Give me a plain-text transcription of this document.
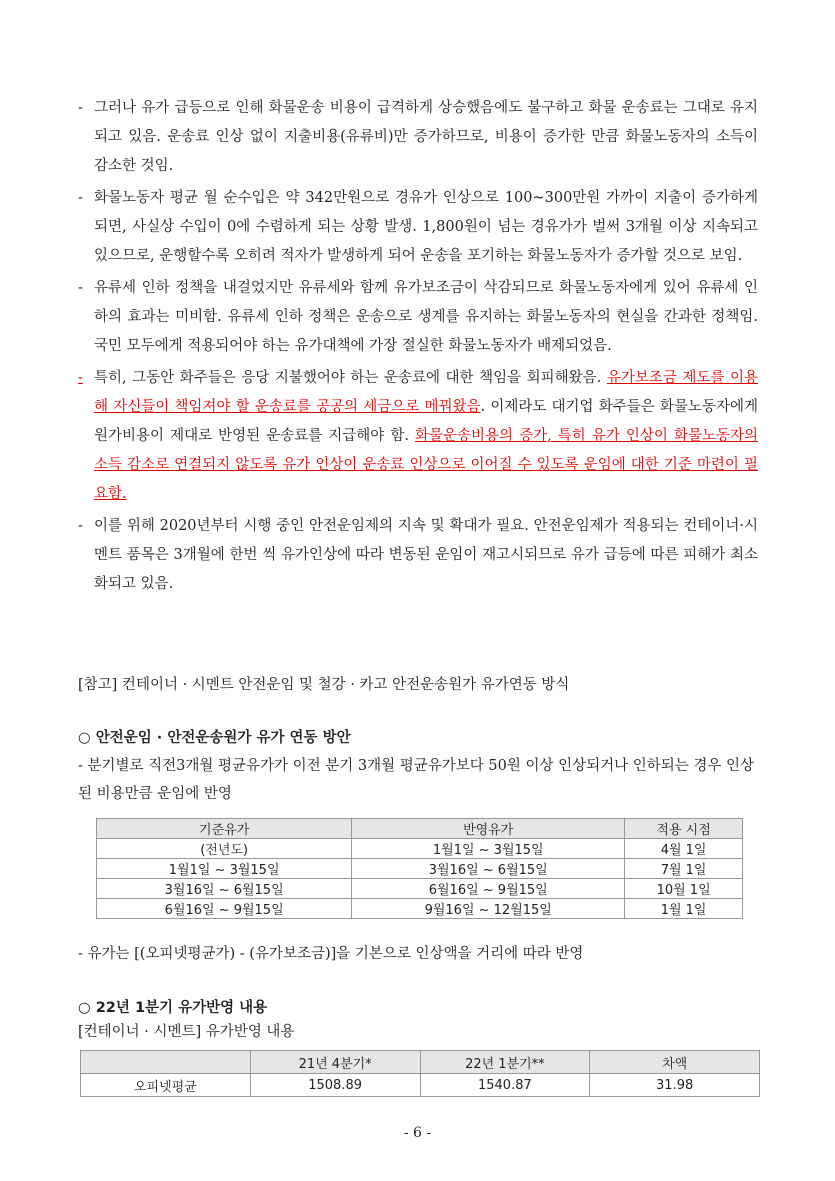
- 그러나 유가 급등으로 인해 화물운송 비용이 급격하게 상승했음에도 불구하고 화물 운송료는 그대로 유지되고 있음. 운송료 인상 없이 지출비용(유류비)만 증가하므로, 비용이 증가한 만큼 화물노동자의 소득이 감소한 것임.
- 화물노동자 평균 월 순수입은 약 342만원으로 경유가 인상으로 100~300만원 가까이 지출이 증가하게 되면, 사실상 수입이 0에 수렴하게 되는 상황 발생. 1,800원이 넘는 경유가가 벌써 3개월 이상 지속되고 있으므로, 운행할수록 오히려 적자가 발생하게 되어 운송을 포기하는 화물노동자가 증가할 것으로 보임.
- 유류세 인하 정책을 내걸었지만 유류세와 함께 유가보조금이 삭감되므로 화물노동자에게 있어 유류세 인하의 효과는 미비함. 유류세 인하 정책은 운송으로 생계를 유지하는 화물노동자의 현실을 간과한 정책임. 국민 모두에게 적용되어야 하는 유가대책에 가장 절실한 화물노동자가 배제되었음.
- 특히, 그동안 화주들은 응당 지불했어야 하는 운송료에 대한 책임을 회피해왔음. 유가보조금 제도를 이용해 자신들이 책임져야 할 운송료를 공공의 세금으로 메꿔왔음. 이제라도 대기업 화주들은 화물노동자에게 원가비용이 제대로 반영된 운송료를 지급해야 함. 화물운송비용의 증가, 특히 유가 인상이 화물노동자의 소득 감소로 연결되지 않도록 유가 인상이 운송료 인상으로 이어질 수 있도록 운임에 대한 기준 마련이 필요함.
- 이를 위해 2020년부터 시행 중인 안전운임제의 지속 및 확대가 필요. 안전운임제가 적용되는 컨테이너·시멘트 품목은 3개월에 한번 씩 유가인상에 따라 변동된 운임이 재고시되므로 유가 급등에 따른 피해가 최소화되고 있음.
[참고] 컨테이너 · 시멘트 안전운임 및 철강 · 카고 안전운송원가 유가연동 방식
○ 안전운임 · 안전운송원가 유가 연동 방안
- 분기별로 직전3개월 평균유가가 이전 분기 3개월 평균유가보다 50원 이상 인상되거나 인하되는 경우 인상된 비용만큼 운임에 반영
기준유가	반영유가	적용 시점
(전년도)	1월1일 ~ 3월15일	4월 1일
1월1일 ~ 3월15일	3월16일 ~ 6월15일	7월 1일
3월16일 ~ 6월15일	6월16일 ~ 9월15일	10월 1일
6월16일 ~ 9월15일	9월16일 ~ 12월15일	1월 1일
- 유가는 [(오피넷평균가) - (유가보조금)]을 기본으로 인상액을 거리에 따라 반영
○ 22년 1분기 유가반영 내용
[컨테이너 · 시멘트] 유가반영 내용
	21년 4분기*	22년 1분기**	차액
오피넷평균	1508.89	1540.87	31.98
- 6 -
